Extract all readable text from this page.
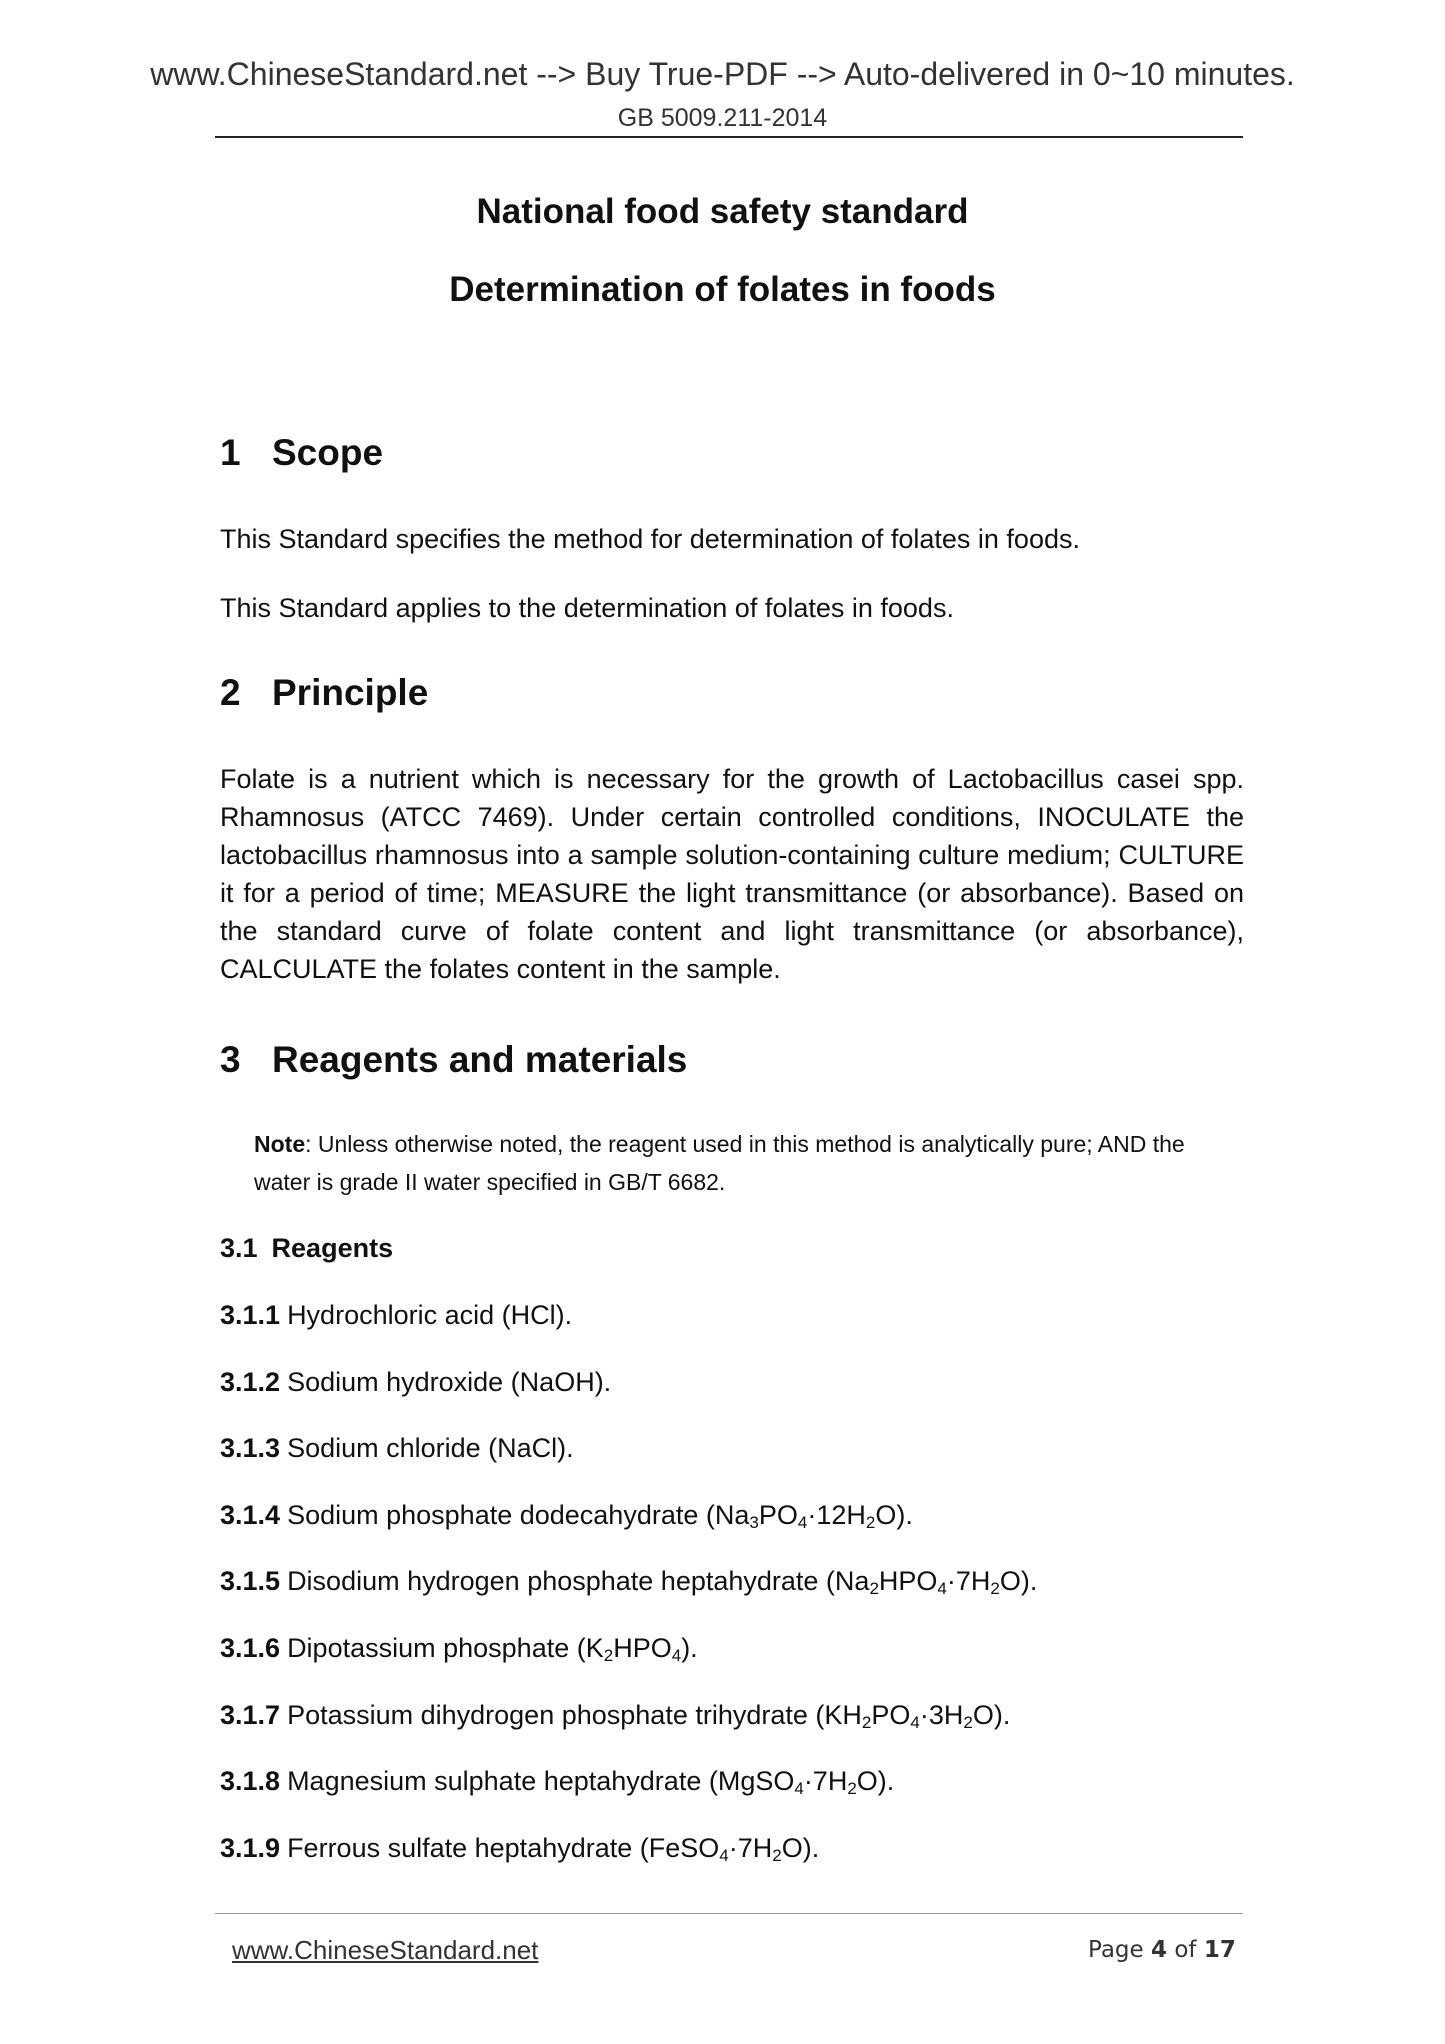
www.ChineseStandard.net --> Buy True-PDF --> Auto-delivered in 0~10 minutes.
GB 5009.211-2014
National food safety standard
Determination of folates in foods
1 Scope
This Standard specifies the method for determination of folates in foods.
This Standard applies to the determination of folates in foods.
2 Principle
Folate is a nutrient which is necessary for the growth of Lactobacillus casei spp. Rhamnosus (ATCC 7469). Under certain controlled conditions, INOCULATE the lactobacillus rhamnosus into a sample solution-containing culture medium; CULTURE it for a period of time; MEASURE the light transmittance (or absorbance). Based on the standard curve of folate content and light transmittance (or absorbance), CALCULATE the folates content in the sample.
3 Reagents and materials
Note: Unless otherwise noted, the reagent used in this method is analytically pure; AND the water is grade II water specified in GB/T 6682.
3.1 Reagents
3.1.1 Hydrochloric acid (HCl).
3.1.2 Sodium hydroxide (NaOH).
3.1.3 Sodium chloride (NaCl).
3.1.4 Sodium phosphate dodecahydrate $(Na_3PO_4\cdot 12H_2O)$.
3.1.5 Disodium hydrogen phosphate heptahydrate $(Na_2HPO_4\cdot 7H_2O)$.
3.1.6 Dipotassium phosphate $(K_2HPO_4)$.
3.1.7 Potassium dihydrogen phosphate trihydrate $(KH_2PO_4\cdot 3H_2O)$.
3.1.8 Magnesium sulphate heptahydrate $(MgSO_4\cdot 7H_2O)$.
3.1.9 Ferrous sulfate heptahydrate $(FeSO_4\cdot 7H_2O)$.
www.ChineseStandard.net	Page 4 of 17
